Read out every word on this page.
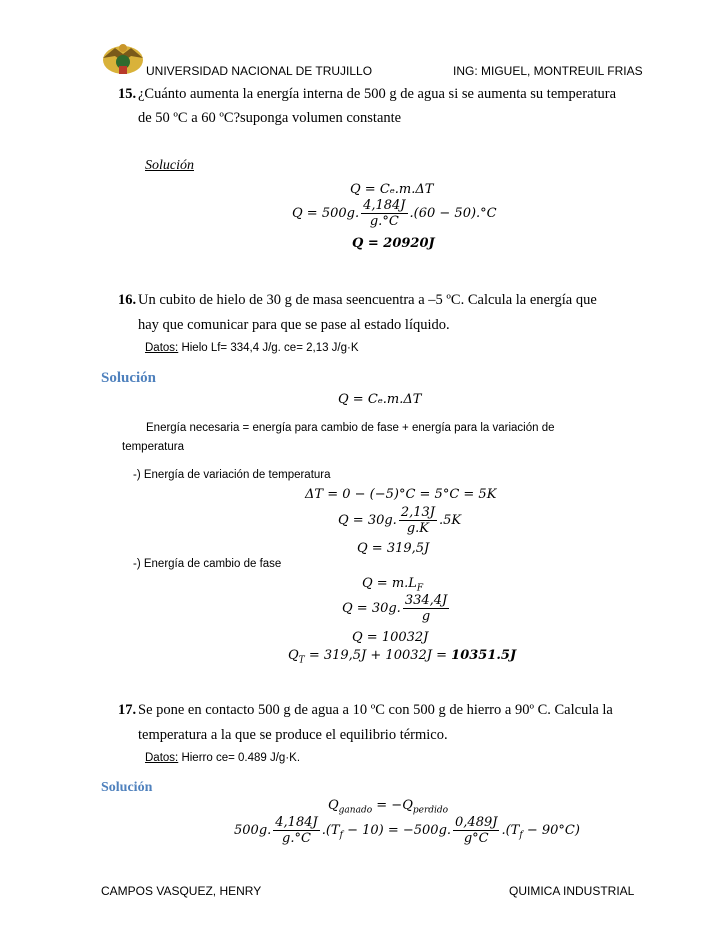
UNIVERSIDAD NACIONAL DE TRUJILLO	ING: MIGUEL, MONTREUIL FRIAS
15. ¿Cuánto aumenta la energía interna de 500 g de agua si se aumenta su temperatura
de 50 ºC a 60 ºC?suponga volumen constante
Solución
Q = Cₑ.m.ΔT
Q = 500g. $\frac{4,184J}{g.^\circ C} .(60 - 50).^\circ C$
Q = 20920J
16. Un cubito de hielo de 30 g de masa seencuentra a –5 ºC. Calcula la energía que
hay que comunicar para que se pase al estado líquido.
Datos: Hielo Lf= 334,4 J/g. ce= 2,13 J/g·K
Solución
Q = Cₑ.m.ΔT
Energía necesaria = energía para cambio de fase + energía para la variación de
temperatura
-) Energía de variación de temperatura
ΔT = 0 − (−5)°C = 5°C = 5K
Q = 30g. $\frac{2,13J}{g.K} .5K$
Q = 319,5J
-) Energía de cambio de fase
$Q = m.L_F$
Q = 30g. $\frac{334,4J}{g}$
Q = 10032J
$Q_T = 319,5J + 10032J = 10351.5J$
17. Se pone en contacto 500 g de agua a 10 ºC con 500 g de hierro a 90º C. Calcula la
temperatura a la que se produce el equilibrio térmico.
Datos: Hierro ce= 0.489 J/g·K.
Solución
$Q_{ganado} = -Q_{perdido}$
500g. $\frac{4,184J}{g.^\circ C} .(T_f - 10) = -500g$. $\frac{0,489J}{g^\circ C} .(T_f - 90^\circ C)$
CAMPOS VASQUEZ, HENRY	QUIMICA INDUSTRIAL
